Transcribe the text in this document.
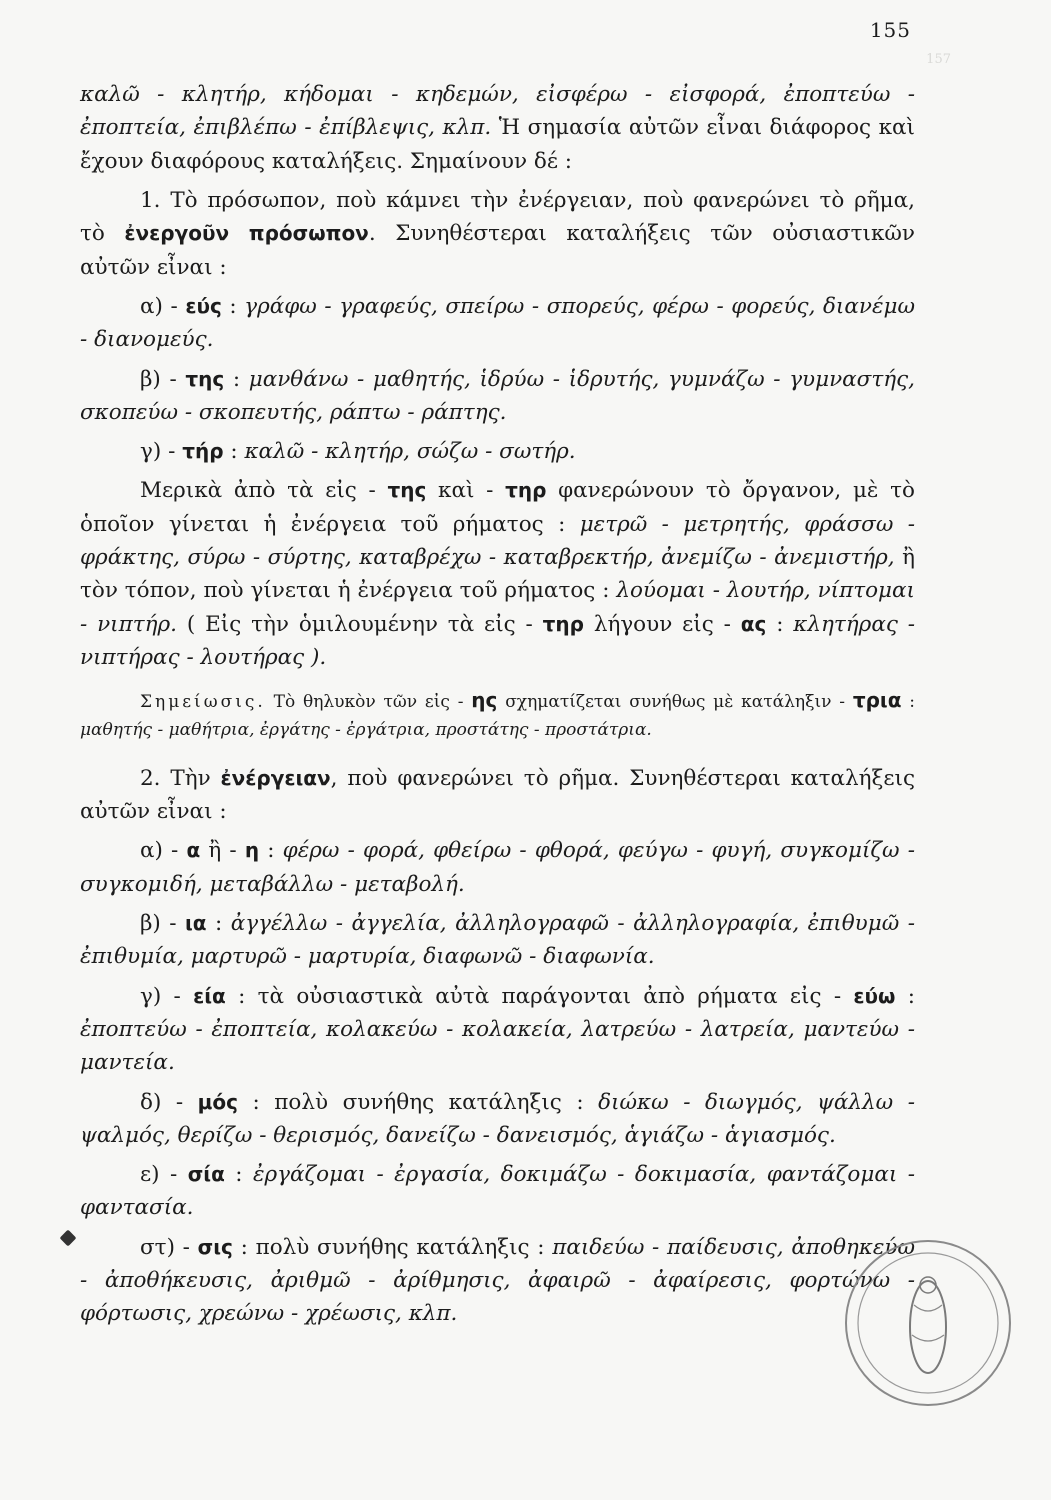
155
157

καλῶ - κλητήρ, κήδομαι - κηδεμών, εἰσφέρω - εἰσφορά, ἐποπτεύω - ἐποπτεία, ἐπιβλέπω - ἐπίβλεψις, κλπ. Ἡ σημασία αὐτῶν εἶναι διάφορος καὶ ἔχουν διαφόρους καταλήξεις. Σημαίνουν δέ :

1. Τὸ πρόσωπον, ποὺ κάμνει τὴν ἐνέργειαν, ποὺ φανερώνει τὸ ρῆμα, τὸ ἐνεργοῦν πρόσωπον. Συνηθέστεραι καταλήξεις τῶν οὐσιαστικῶν αὐτῶν εἶναι :

α) - εύς : γράφω - γραφεύς, σπείρω - σπορεύς, φέρω - φορεύς, διανέμω - διανομεύς.

β) - της : μανθάνω - μαθητής, ἱδρύω - ἱδρυτής, γυμνάζω - γυμναστής, σκοπεύω - σκοπευτής, ράπτω - ράπτης.

γ) - τήρ : καλῶ - κλητήρ, σώζω - σωτήρ.

Μερικὰ ἀπὸ τὰ εἰς - της καὶ - τηρ φανερώνουν τὸ ὄργανον, μὲ τὸ ὁποῖον γίνεται ἡ ἐνέργεια τοῦ ρήματος : μετρῶ - μετρητής, φράσσω - φράκτης, σύρω - σύρτης, καταβρέχω - καταβρεκτήρ, ἀνεμίζω - ἀνεμιστήρ, ἢ τὸν τόπον, ποὺ γίνεται ἡ ἐνέργεια τοῦ ρήματος : λούομαι - λουτήρ, νίπτομαι - νιπτήρ. ( Εἰς τὴν ὁμιλουμένην τὰ εἰς - τηρ λήγουν εἰς - ας : κλητήρας - νιπτήρας - λουτήρας ).

Σημείωσις. Τὸ θηλυκὸν τῶν εἰς - ης σχηματίζεται συνήθως μὲ κατάληξιν - τρια : μαθητής - μαθήτρια, ἐργάτης - ἐργάτρια, προστάτης - προστάτρια.

2. Τὴν ἐνέργειαν, ποὺ φανερώνει τὸ ρῆμα. Συνηθέστεραι καταλήξεις αὐτῶν εἶναι :

α) - α ἢ - η : φέρω - φορά, φθείρω - φθορά, φεύγω - φυγή, συγκομίζω - συγκομιδή, μεταβάλλω - μεταβολή.

β) - ια : ἀγγέλλω - ἀγγελία, ἀλληλογραφῶ - ἀλληλογραφία, ἐπιθυμῶ - ἐπιθυμία, μαρτυρῶ - μαρτυρία, διαφωνῶ - διαφωνία.

γ) - εία : τὰ οὐσιαστικὰ αὐτὰ παράγονται ἀπὸ ρήματα εἰς - εύω : ἐποπτεύω - ἐποπτεία, κολακεύω - κολακεία, λατρεύω - λατρεία, μαντεύω - μαντεία.

δ) - μός : πολὺ συνήθης κατάληξις : διώκω - διωγμός, ψάλλω - ψαλμός, θερίζω - θερισμός, δανείζω - δανεισμός, ἁγιάζω - ἁγιασμός.

ε) - σία : ἐργάζομαι - ἐργασία, δοκιμάζω - δοκιμασία, φαντάζομαι - φαντασία.

στ) - σις : πολὺ συνήθης κατάληξις : παιδεύω - παίδευσις, ἀποθηκεύω - ἀποθήκευσις, ἀριθμῶ - ἀρίθμησις, ἀφαιρῶ - ἀφαίρεσις, φορτώνω - φόρτωσις, χρεώνω - χρέωσις, κλπ.
